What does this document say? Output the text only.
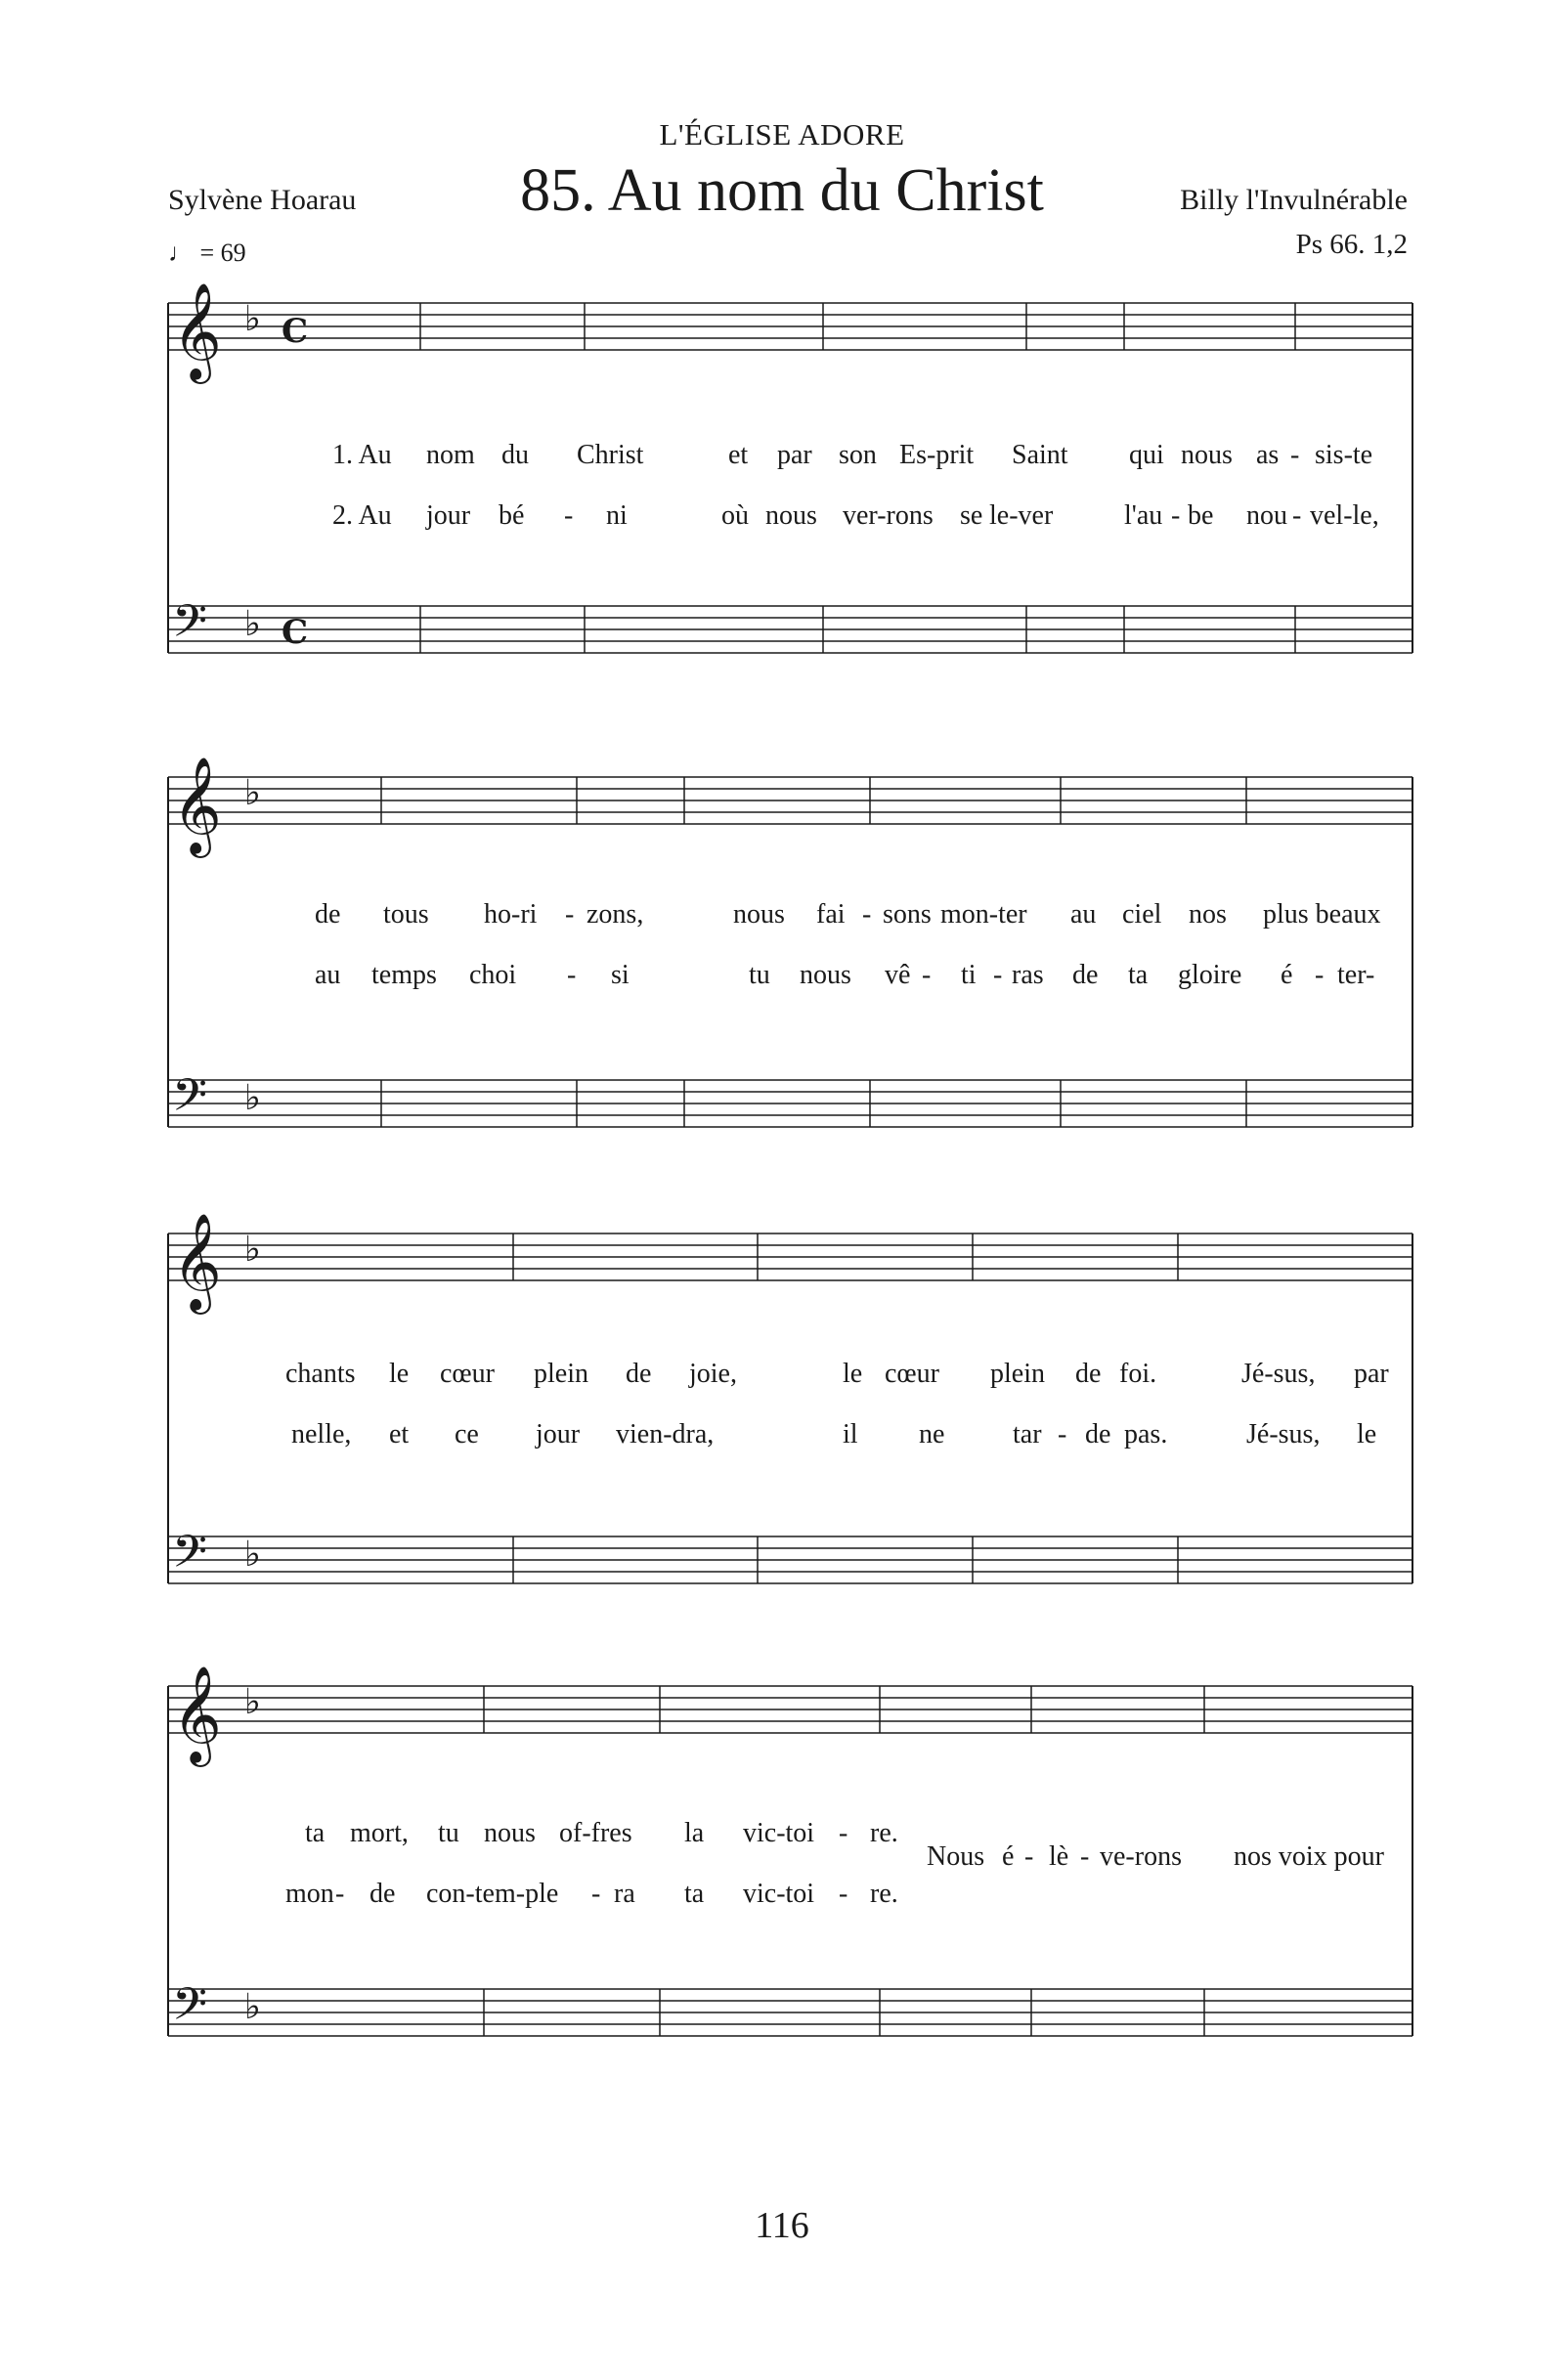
L'ÉGLISE ADORE
85. Au nom du Christ
Sylvène Hoarau	Billy l'Invulnérable
Ps 66. 1,2
♩ = 69
𝄞 ♭ C
𝄢 ♭ C
𝄞 ♭
𝄢 ♭
𝄞 ♭
𝄢 ♭
𝄞 ♭
𝄢 ♭
1. Au nom du Christ	et par son Es-prit Saint qui nous as - sis-te
2. Au jour bé - ni	où nous ver-rons se le-ver	l'au - be nou - vel-le,
de tous ho-ri - zons,	nous fai - sons mon-ter au ciel nos plus beaux
au temps choi - si	tu nous vê - ti - ras de ta gloire é - ter-
chants le cœur plein de joie,	le cœur plein de foi.	Jé-sus, par
nelle, et ce jour vien-dra,	il ne tar - de pas.	Jé-sus, le
ta mort, tu nous of-fres la vic-toi - re.
mon - de con-tem-ple - ra ta vic-toi - re.
Nous é - lè - ve-rons nos voix pour
116
